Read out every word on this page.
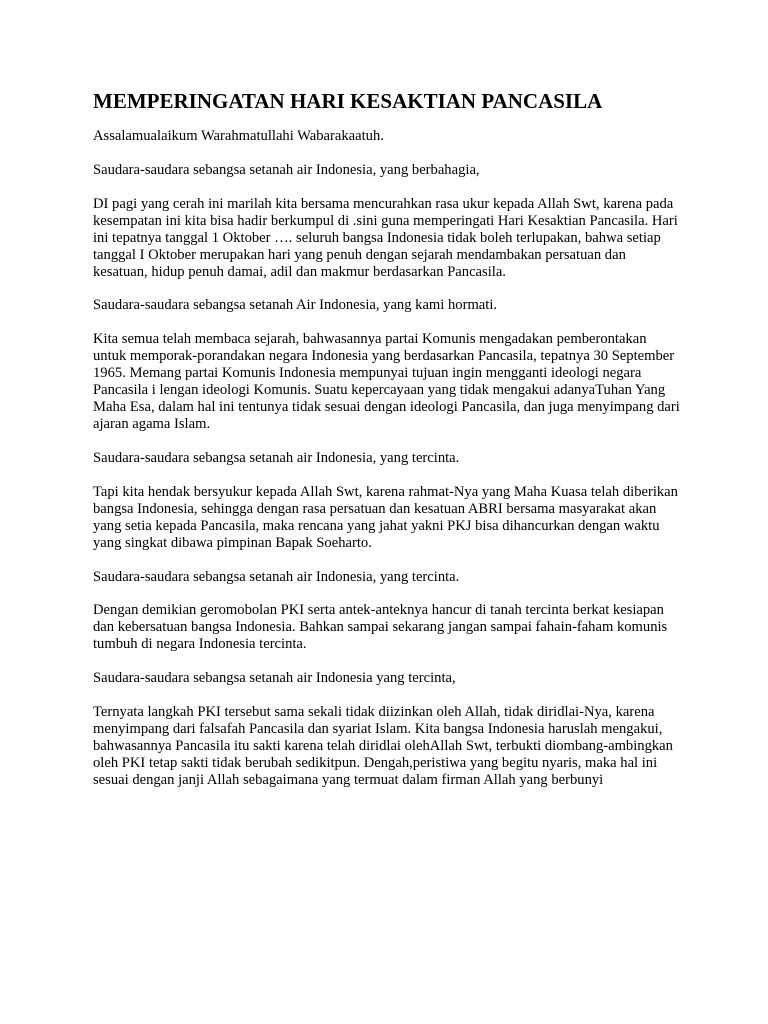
MEMPERINGATAN HARI KESAKTIAN PANCASILA

Assalamualaikum Warahmatullahi Wabarakaatuh.

Saudara-saudara sebangsa setanah air Indonesia, yang berbahagia,

DI pagi yang cerah ini marilah kita bersama mencurahkan rasa ukur kepada Allah Swt, karena pada kesempatan ini kita bisa hadir berkumpul di .sini guna memperingati Hari Kesaktian Pancasila. Hari ini tepatnya tanggal 1 Oktober …. seluruh bangsa Indonesia tidak boleh terlupakan, bahwa setiap tanggal I Oktober merupakan hari yang penuh dengan sejarah mendambakan persatuan dan kesatuan, hidup penuh damai, adil dan makmur berdasarkan Pancasila.

Saudara-saudara sebangsa setanah Air Indonesia, yang kami hormati.

Kita semua telah membaca sejarah, bahwasannya partai Komunis mengadakan pemberontakan untuk memporak-porandakan negara Indonesia yang berdasarkan Pancasila, tepatnya 30 September 1965. Memang partai Komunis Indonesia mempunyai tujuan ingin mengganti ideologi negara Pancasila i lengan ideologi Komunis. Suatu kepercayaan yang tidak mengakui adanyaTuhan Yang Maha Esa, dalam hal ini tentunya tidak sesuai dengan ideologi Pancasila, dan juga menyimpang dari ajaran agama Islam.

Saudara-saudara sebangsa setanah air Indonesia, yang tercinta.

Tapi kita hendak bersyukur kepada Allah Swt, karena rahmat-Nya yang Maha Kuasa telah diberikan bangsa Indonesia, sehingga dengan rasa persatuan dan kesatuan ABRI bersama masyarakat akan yang setia kepada Pancasila, maka rencana yang jahat yakni PKJ bisa dihancurkan dengan waktu yang singkat dibawa pimpinan Bapak Soeharto.

Saudara-saudara sebangsa setanah air Indonesia, yang tercinta.

Dengan demikian geromobolan PKI serta antek-anteknya hancur di tanah tercinta berkat kesiapan dan kebersatuan bangsa Indonesia. Bahkan sampai sekarang jangan sampai fahain-faham komunis tumbuh di negara Indonesia tercinta.

Saudara-saudara sebangsa setanah air Indonesia yang tercinta,

Ternyata langkah PKI tersebut sama sekali tidak diizinkan oleh Allah, tidak diridlai-Nya, karena menyimpang dari falsafah Pancasila dan syariat Islam. Kita bangsa Indonesia haruslah mengakui, bahwasannya Pancasila itu sakti karena telah diridlai olehAllah Swt, terbukti diombang-ambingkan oleh PKI tetap sakti tidak berubah sedikitpun. Dengah,peristiwa yang begitu nyaris, maka hal ini sesuai dengan janji Allah sebagaimana yang termuat dalam firman Allah yang berbunyi
